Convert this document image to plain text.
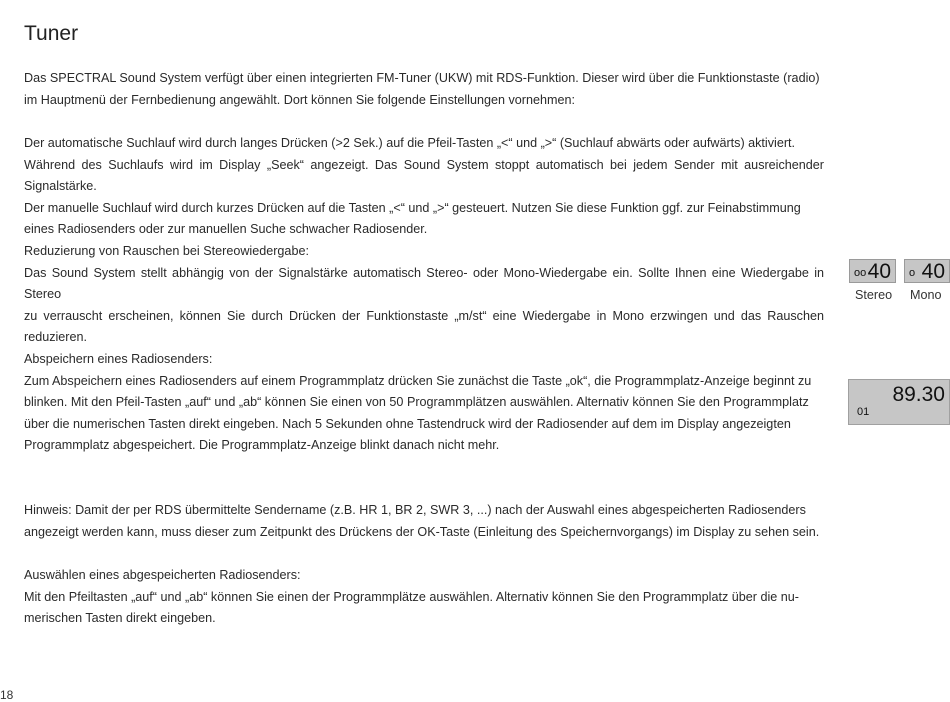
Tuner
Das SPECTRAL Sound System verfügt über einen integrierten FM-Tuner (UKW) mit RDS-Funktion. Dieser wird über die Funktionstaste (radio)
im Hauptmenü der Fernbedienung angewählt. Dort können Sie folgende Einstellungen vornehmen:
Der automatische Suchlauf wird durch langes Drücken (>2 Sek.) auf die Pfeil-Tasten „<“ und „>“ (Suchlauf abwärts oder aufwärts) aktiviert.
Während des Suchlaufs wird im Display „Seek“ angezeigt. Das Sound System stoppt automatisch bei jedem Sender mit ausreichender Signalstärke.
Der manuelle Suchlauf wird durch kurzes Drücken auf die Tasten „<“ und „>“ gesteuert. Nutzen Sie diese Funktion ggf. zur Feinabstimmung
eines Radiosenders oder zur manuellen Suche schwacher Radiosender.
Reduzierung von Rauschen bei Stereowiedergabe:
Das Sound System stellt abhängig von der Signalstärke automatisch Stereo- oder Mono-Wiedergabe ein. Sollte Ihnen eine Wiedergabe in Stereo
zu verrauscht erscheinen, können Sie durch Drücken der Funktionstaste „m/st“ eine Wiedergabe in Mono erzwingen und das Rauschen reduzieren.
Abspeichern eines Radiosenders:
Zum Abspeichern eines Radiosenders auf einem Programmplatz drücken Sie zunächst die Taste „ok“, die Programmplatz-Anzeige beginnt zu
blinken. Mit den Pfeil-Tasten „auf“ und „ab“ können Sie einen von 50 Programmplätzen auswählen. Alternativ können Sie den Programmplatz
über die numerischen Tasten direkt eingeben. Nach 5 Sekunden ohne Tastendruck wird der Radiosender auf dem im Display angezeigten
Programmplatz abgespeichert. Die Programmplatz-Anzeige blinkt danach nicht mehr.
Hinweis: Damit der per RDS übermittelte Sendername (z.B. HR 1, BR 2, SWR 3, ...) nach der Auswahl eines abgespeicherten Radiosenders
angezeigt werden kann, muss dieser zum Zeitpunkt des Drückens der OK-Taste (Einleitung des Speichernvorgangs) im Display zu sehen sein.
Auswählen eines abgespeicherten Radiosenders:
Mit den Pfeiltasten „auf“ und „ab“ können Sie einen der Programmplätze auswählen. Alternativ können Sie den Programmplatz über die nu-
merischen Tasten direkt eingeben.
oo 40
Stereo
o 40
Mono
89.30
01
18
